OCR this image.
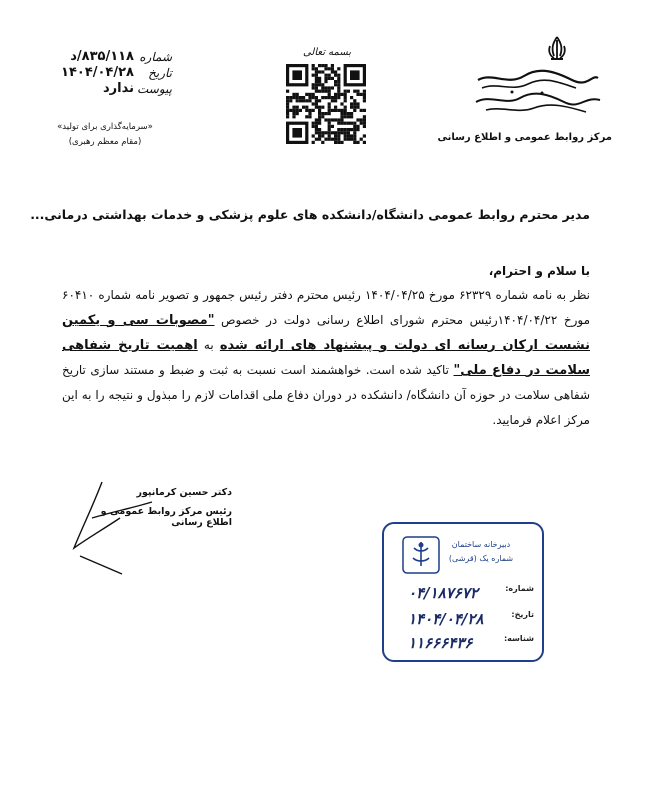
مرکز روابط عمومی و اطلاع رسانی
بسمه تعالی
شماره
۸۳۵/۱۱۸/د
تاریخ
۱۴۰۴/۰۴/۲۸
پیوست
ندارد
«سرمایه‌گذاری برای تولید»
(مقام معظم رهبری)
مدیر محترم روابط عمومی دانشگاه/دانشکده های علوم پزشکی و خدمات بهداشتی درمانی...
با سلام و احترام،
نظر به نامه شماره ۶۲۳۲۹ مورخ ۱۴۰۴/۰۴/۲۵ رئیس محترم دفتر رئیس جمهور و تصویر نامه شماره ۶۰۴۱۰ مورخ ۱۴۰۴/۰۴/۲۲رئیس محترم شورای اطلاع رسانی دولت در خصوص "مصوبات سی و یکمین نشست ارکان رسانه ای دولت و پیشنهاد های ارائه شده به اهمیت تاریخ شفاهی سلامت در دفاع ملی" تاکید شده است. خواهشمند است نسبت به ثبت و ضبط و مستند سازی تاریخ شفاهی سلامت در حوزه آن دانشگاه/ دانشکده در دوران دفاع ملی اقدامات لازم را مبذول و نتیجه را به این مرکز اعلام فرمایید.
دکتر حسین کرمانپور
رئیس مرکز روابط عمومی و اطلاع رسانی
دبیرخانه ساختمان شماره یک (قرشی)
شماره:
۰۴/۱۸۷۶۷۲
تاریخ:
۱۴۰۴/۰۴/۲۸
شناسه:
۱۱۶۶۶۴۳۶
